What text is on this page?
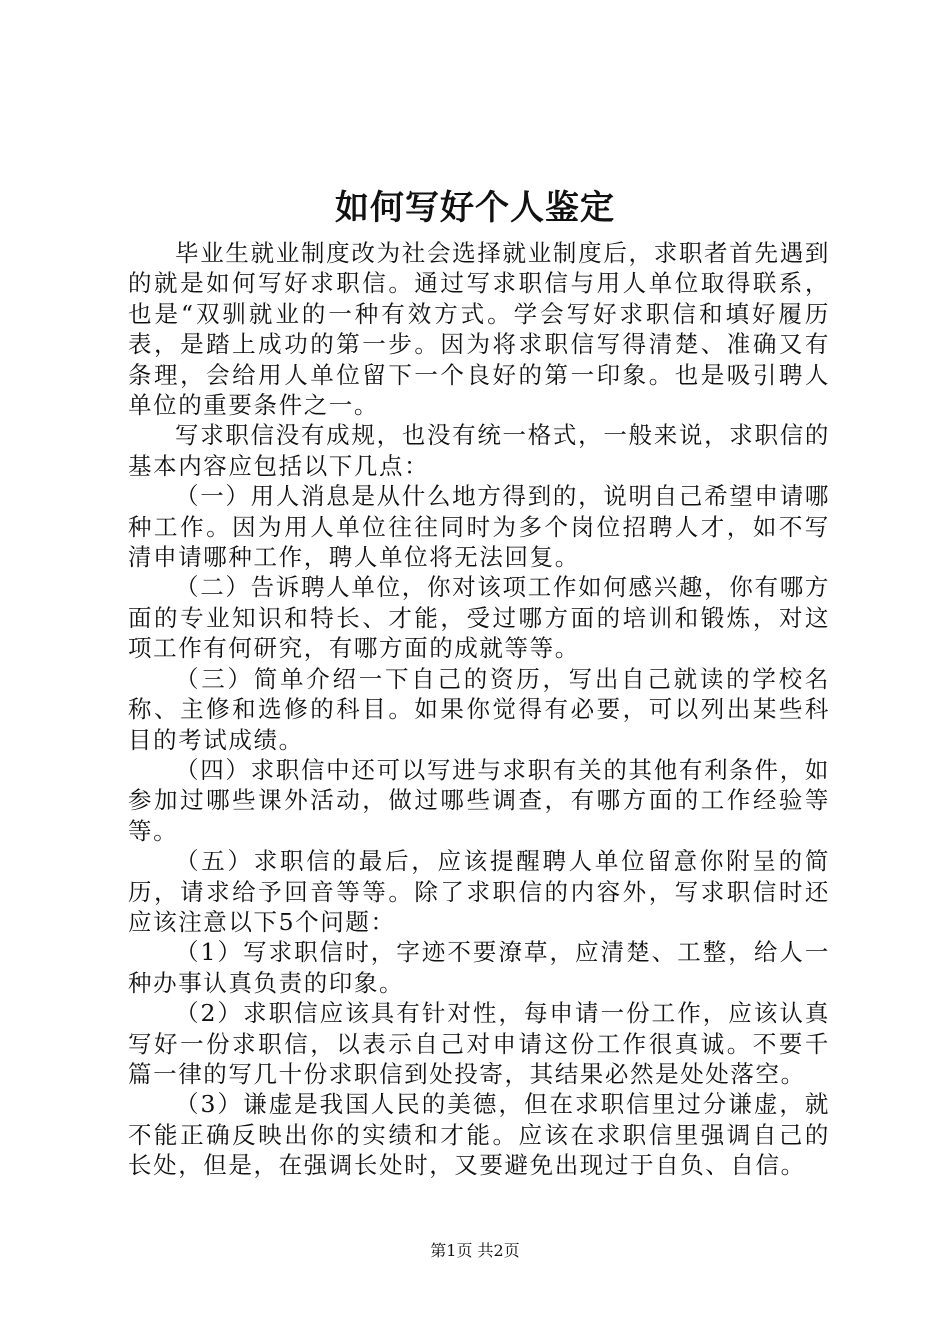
如何写好个人鉴定

毕业生就业制度改为社会选择就业制度后，求职者首先遇到的就是如何写好求职信。通过写求职信与用人单位取得联系，也是“双驯就业的一种有效方式。学会写好求职信和填好履历表，是踏上成功的第一步。因为将求职信写得清楚、准确又有条理，会给用人单位留下一个良好的第一印象。也是吸引聘人单位的重要条件之一。

写求职信没有成规，也没有统一格式，一般来说，求职信的基本内容应包括以下几点：

（一）用人消息是从什么地方得到的，说明自己希望申请哪种工作。因为用人单位往往同时为多个岗位招聘人才，如不写清申请哪种工作，聘人单位将无法回复。

（二）告诉聘人单位，你对该项工作如何感兴趣，你有哪方面的专业知识和特长、才能，受过哪方面的培训和锻炼，对这项工作有何研究，有哪方面的成就等等。

（三）简单介绍一下自己的资历，写出自己就读的学校名称、主修和选修的科目。如果你觉得有必要，可以列出某些科目的考试成绩。

（四）求职信中还可以写进与求职有关的其他有利条件，如参加过哪些课外活动，做过哪些调查，有哪方面的工作经验等等。

（五）求职信的最后，应该提醒聘人单位留意你附呈的简历，请求给予回音等等。除了求职信的内容外，写求职信时还应该注意以下5个问题：

（1）写求职信时，字迹不要潦草，应清楚、工整，给人一种办事认真负责的印象。

（2）求职信应该具有针对性，每申请一份工作，应该认真写好一份求职信，以表示自己对申请这份工作很真诚。不要千篇一律的写几十份求职信到处投寄，其结果必然是处处落空。

（3）谦虚是我国人民的美德，但在求职信里过分谦虚，就不能正确反映出你的实绩和才能。应该在求职信里强调自己的长处，但是，在强调长处时，又要避免出现过于自负、自信。

第1页 共2页
